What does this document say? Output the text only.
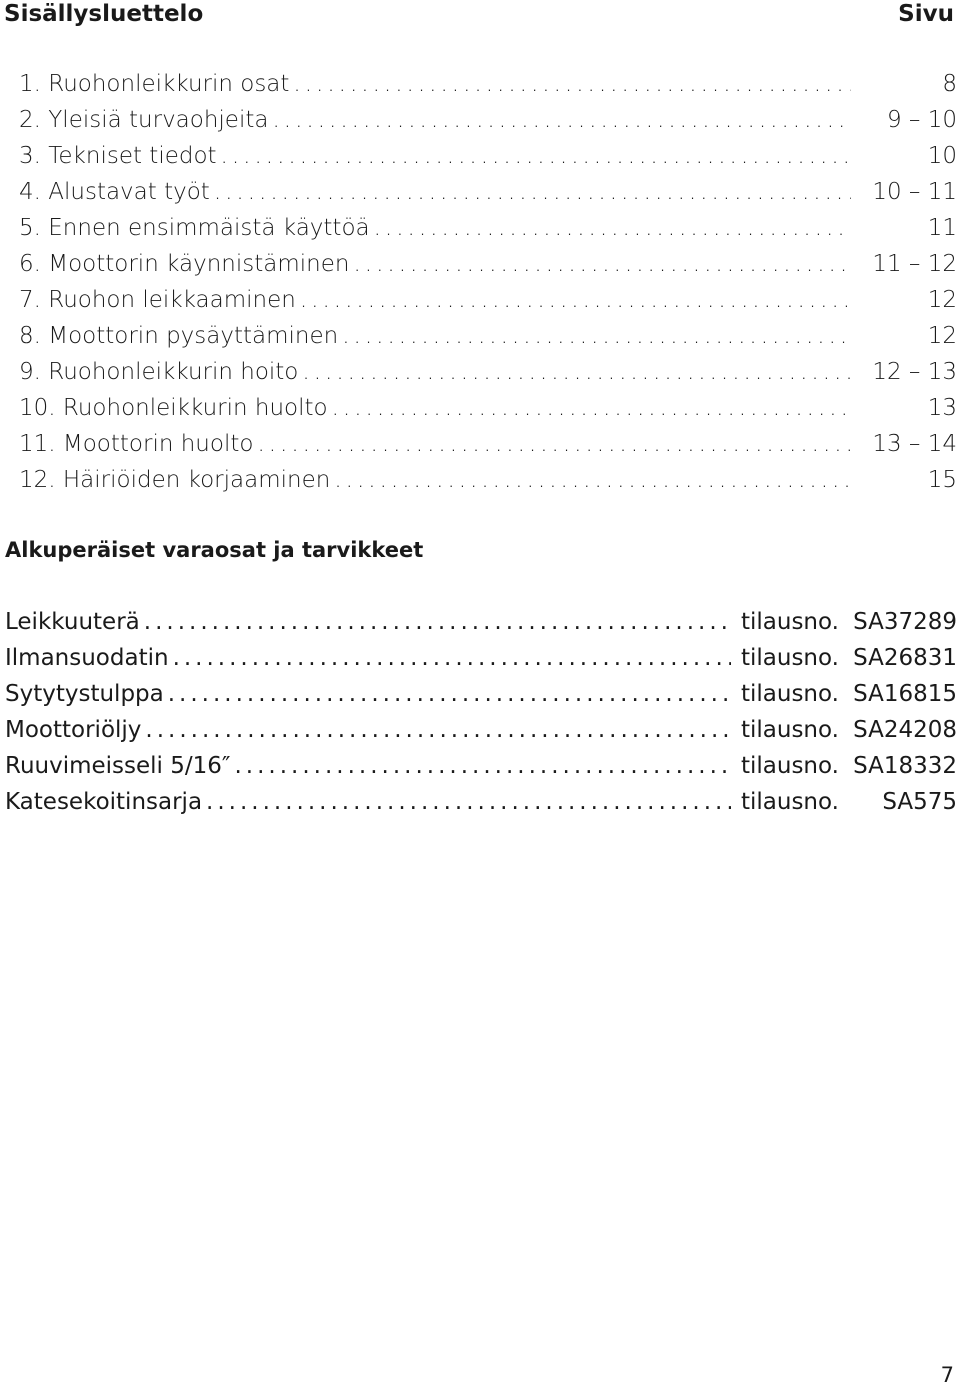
Sisällysluettelo	Sivu
1. Ruohonleikkurin osat .....	8
2. Yleisiä turvaohjeita .....	9 – 10
3. Tekniset tiedot .....	10
4. Alustavat työt .....	10 – 11
5. Ennen ensimmäistä käyttöä .....	11
6. Moottorin käynnistäminen .....	11 – 12
7. Ruohon leikkaaminen .....	12
8. Moottorin pysäyttäminen .....	12
9. Ruohonleikkurin hoito .....	12 – 13
10. Ruohonleikkurin huolto .....	13
11. Moottorin huolto .....	13 – 14
12. Häiriöiden korjaaminen .....	15
Alkuperäiset varaosat ja tarvikkeet
Leikkuuterä .....	tilausno. SA37289
Ilmansuodatin .....	tilausno. SA26831
Sytytystulppa .....	tilausno. SA16815
Moottoriöljy .....	tilausno. SA24208
Ruuvimeisseli 5/16″ .....	tilausno. SA18332
Katesekoitinsarja .....	tilausno.	SA575
7
